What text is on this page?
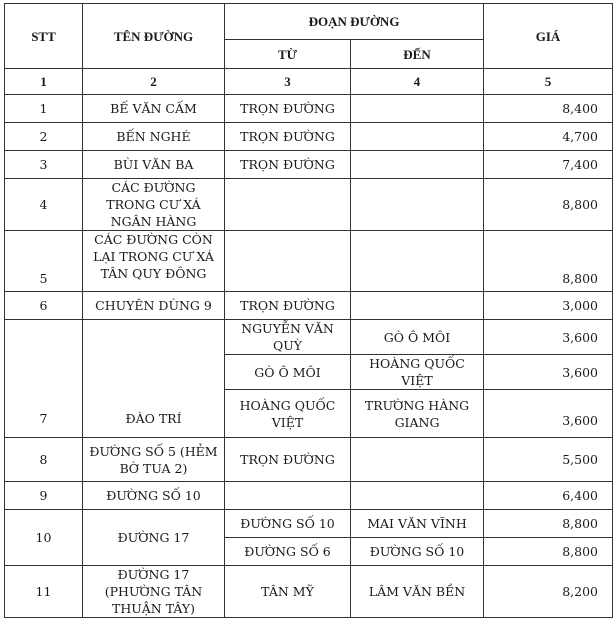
STT	TÊN ĐƯỜNG	ĐOẠN ĐƯỜNG		GIÁ
		TỪ	ĐẾN	
1	2	3	4	5
1	BẾ VĂN CẤM	TRỌN ĐƯỜNG		8,400
2	BẾN NGHÉ	TRỌN ĐƯỜNG		4,700
3	BÙI VĂN BA	TRỌN ĐƯỜNG		7,400
4	CÁC ĐƯỜNG TRONG CƯ XÁ NGÂN HÀNG			8,800
5	CÁC ĐƯỜNG CÒN LẠI TRONG CƯ XÁ TÂN QUY ĐÔNG			8,800
6	CHUYÊN DÙNG 9	TRỌN ĐƯỜNG		3,000
7	ĐÀO TRÍ	NGUYỄN VĂN QUỲ	GÒ Ô MÔI	3,600
		GÒ Ô MÔI	HOÀNG QUỐC VIỆT	3,600
		HOÀNG QUỐC VIỆT	TRƯỜNG HÀNG GIANG	3,600
8	ĐƯỜNG SỐ 5 (HẺM BỜ TUA 2)	TRỌN ĐƯỜNG		5,500
9	ĐƯỜNG SỐ 10			6,400
10	ĐƯỜNG 17	ĐƯỜNG SỐ 10	MAI VĂN VĨNH	8,800
		ĐƯỜNG SỐ 6	ĐƯỜNG SỐ 10	8,800
11	ĐƯỜNG 17 (PHƯỜNG TÂN THUẬN TÂY)	TÂN MỸ	LÂM VĂN BỀN	8,200
